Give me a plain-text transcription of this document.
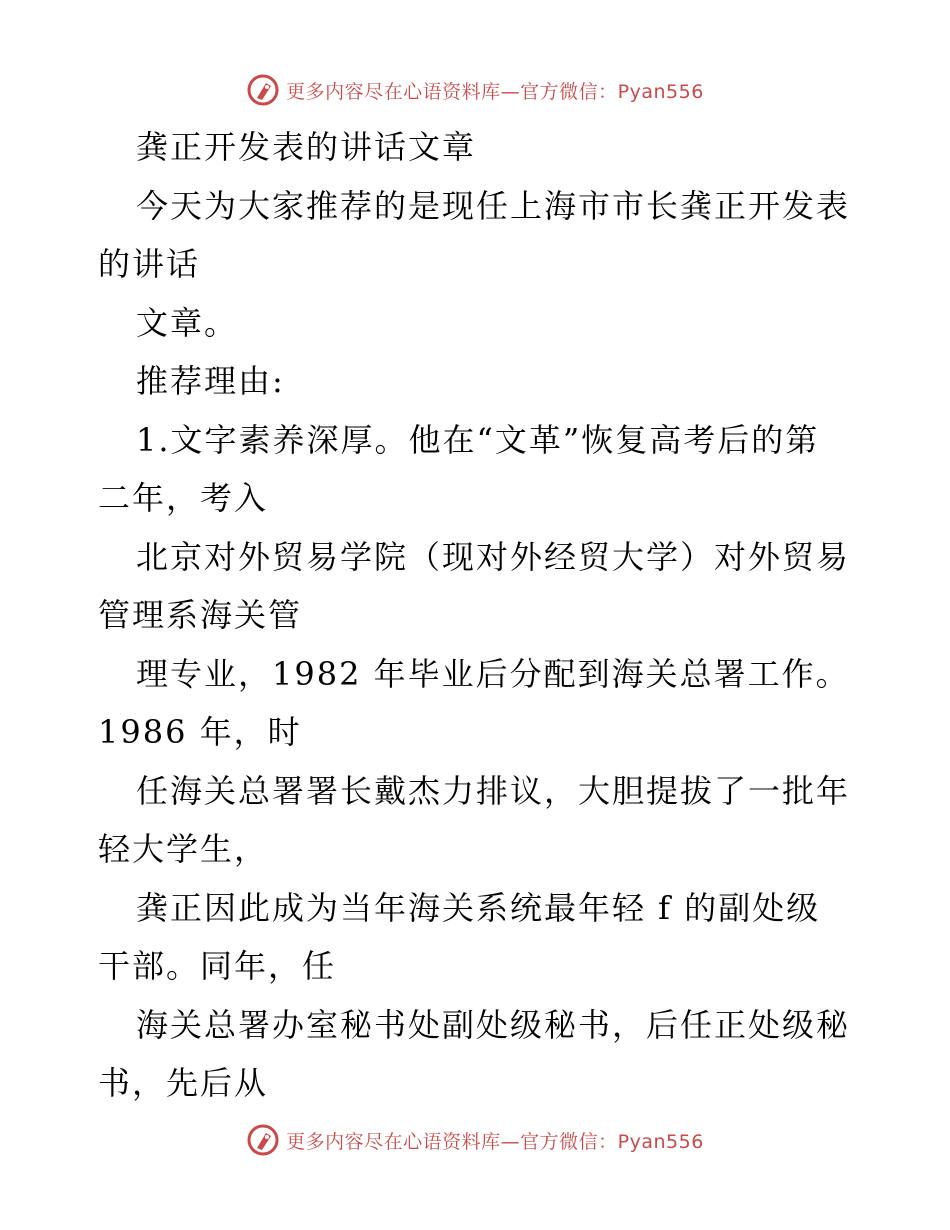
更多内容尽在心语资料库—官方微信：Pyan556
龚正开发表的讲话文章
今天为大家推荐的是现任上海市市长龚正开发表
的讲话
文章。
推荐理由:
1.文字素养深厚。他在“文革”恢复高考后的第
二年，考入
北京对外贸易学院（现对外经贸大学）对外贸易
管理系海关管
理专业，1982 年毕业后分配到海关总署工作。
1986 年，时
任海关总署署长戴杰力排议，大胆提拔了一批年
轻大学生，
龚正因此成为当年海关系统最年轻 f 的副处级
干部。同年，任
海关总署办室秘书处副处级秘书，后任正处级秘
书，先后从
更多内容尽在心语资料库—官方微信：Pyan556
